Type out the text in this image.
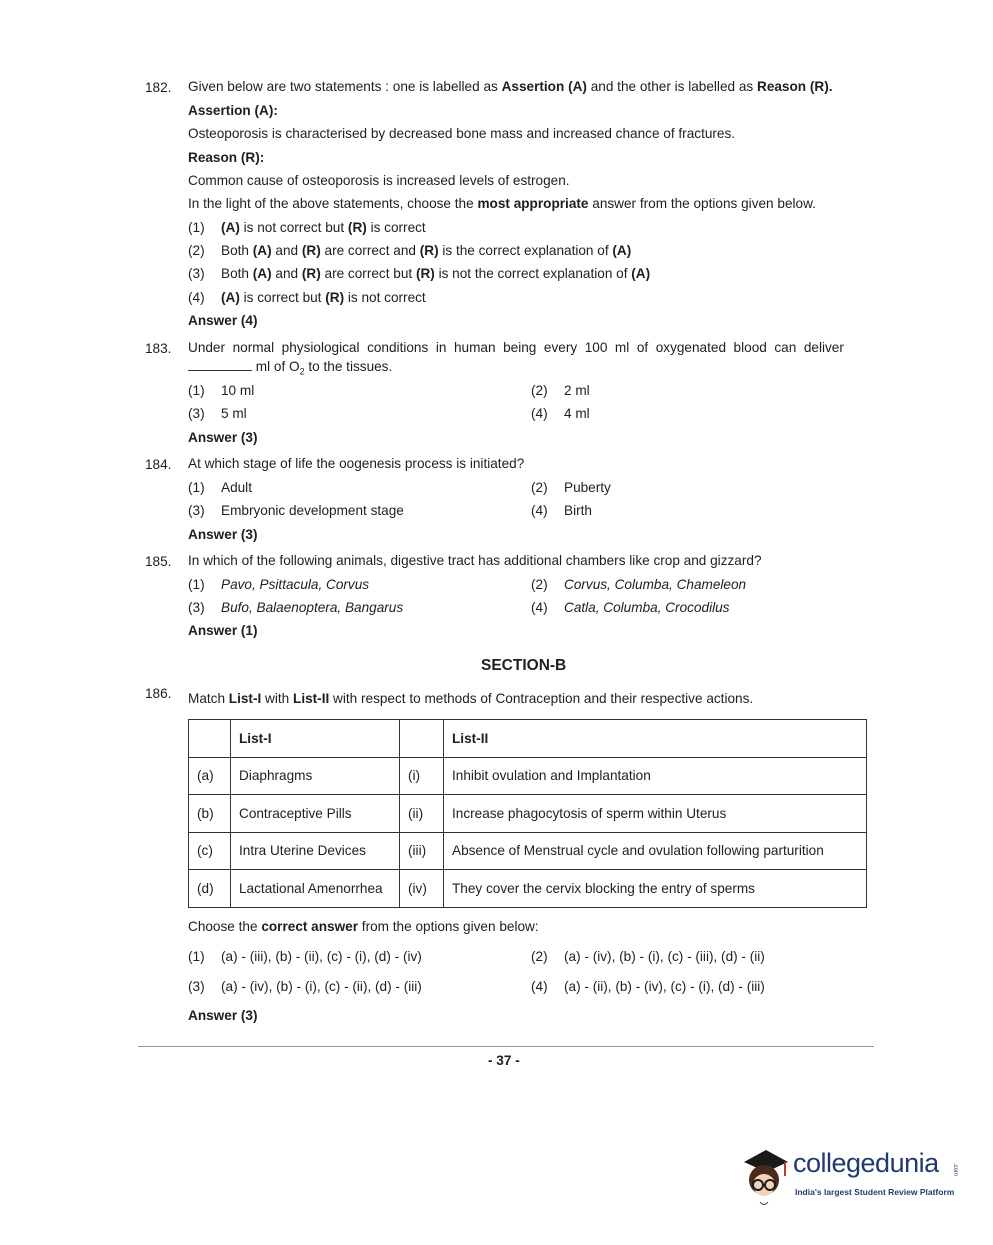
182. Given below are two statements : one is labelled as Assertion (A) and the other is labelled as Reason (R).
Assertion (A):
Osteoporosis is characterised by decreased bone mass and increased chance of fractures.
Reason (R):
Common cause of osteoporosis is increased levels of estrogen.
In the light of the above statements, choose the most appropriate answer from the options given below.
(1) (A) is not correct but (R) is correct
(2) Both (A) and (R) are correct and (R) is the correct explanation of (A)
(3) Both (A) and (R) are correct but (R) is not the correct explanation of (A)
(4) (A) is correct but (R) is not correct
Answer (4)
183. Under  normal  physiological  conditions  in  human  being  every  100  ml  of  oxygenated  blood  can  deliver
ml of $O_2$ to the tissues.
(1) 10 ml	(2) 2 ml
(3) 5 ml	(4) 4 ml
Answer (3)
184. At which stage of life the oogenesis process is initiated?
(1) Adult	(2) Puberty
(3) Embryonic development stage	(4) Birth
Answer (3)
185. In which of the following animals, digestive tract has additional chambers like crop and gizzard?
(1) Pavo, Psittacula, Corvus	(2) Corvus, Columba, Chameleon
(3) Bufo, Balaenoptera, Bangarus	(4) Catla, Columba, Crocodilus
Answer (1)
SECTION-B
186. Match List-I with List-II with respect to methods of Contraception and their respective actions.
	List-I		List-II
(a)	Diaphragms	(i)	Inhibit ovulation and Implantation
(b)	Contraceptive Pills	(ii)	Increase phagocytosis of sperm within Uterus
(c)	Intra Uterine Devices	(iii)	Absence of Menstrual cycle and ovulation following parturition
(d)	Lactational Amenorrhea	(iv)	They cover the cervix blocking the entry of sperms
Choose the correct answer from the options given below:
(1) (a) - (iii), (b) - (ii), (c) - (i), (d) - (iv)	(2) (a) - (iv), (b) - (i), (c) - (iii), (d) - (ii)
(3) (a) - (iv), (b) - (i), (c) - (ii), (d) - (iii)	(4) (a) - (ii), (b) - (iv), (c) - (i), (d) - (iii)
Answer (3)
- 37 -
collegedunia .com
India's largest Student Review Platform
